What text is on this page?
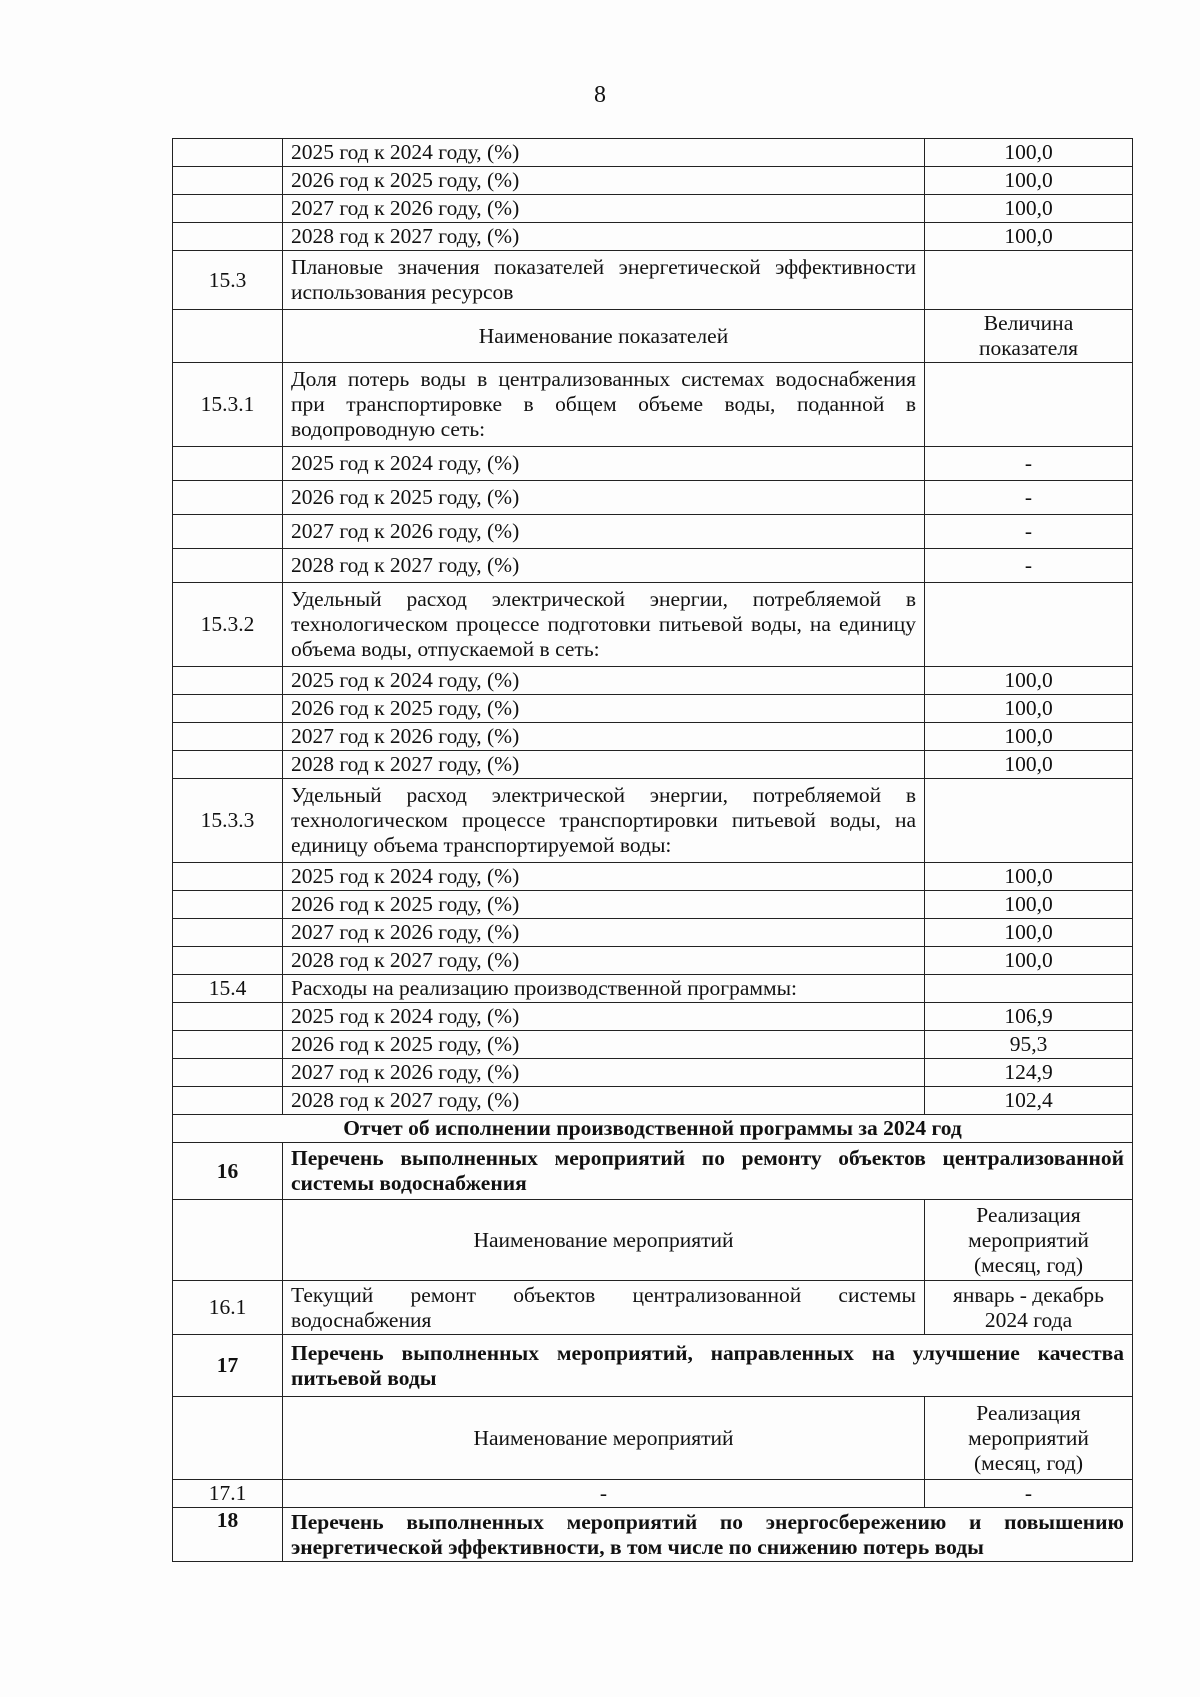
8
	2025 год к 2024 году, (%)	100,0
	2026 год к 2025 году, (%)	100,0
	2027 год к 2026 году, (%)	100,0
	2028 год к 2027 году, (%)	100,0
15.3	Плановые значения показателей энергетической эффективности использования ресурсов	
	Наименование показателей	Величина показателя
15.3.1	Доля потерь воды в централизованных системах водоснабжения при транспортировке в общем объеме воды, поданной в водопроводную сеть:	
	2025 год к 2024 году, (%)	-
	2026 год к 2025 году, (%)	-
	2027 год к 2026 году, (%)	-
	2028 год к 2027 году, (%)	-
15.3.2	Удельный расход электрической энергии, потребляемой в технологическом процессе подготовки питьевой воды, на единицу объема воды, отпускаемой в сеть:	
	2025 год к 2024 году, (%)	100,0
	2026 год к 2025 году, (%)	100,0
	2027 год к 2026 году, (%)	100,0
	2028 год к 2027 году, (%)	100,0
15.3.3	Удельный расход электрической энергии, потребляемой в технологическом процессе транспортировки питьевой воды, на единицу объема транспортируемой воды:	
	2025 год к 2024 году, (%)	100,0
	2026 год к 2025 году, (%)	100,0
	2027 год к 2026 году, (%)	100,0
	2028 год к 2027 году, (%)	100,0
15.4	Расходы на реализацию производственной программы:	
	2025 год к 2024 году, (%)	106,9
	2026 год к 2025 году, (%)	95,3
	2027 год к 2026 году, (%)	124,9
	2028 год к 2027 году, (%)	102,4
Отчет об исполнении производственной программы за 2024 год		
16	Перечень выполненных мероприятий по ремонту объектов централизованной системы водоснабжения	
	Наименование мероприятий	Реализация мероприятий (месяц, год)
16.1	Текущий ремонт объектов централизованной системы водоснабжения	январь - декабрь 2024 года
17	Перечень выполненных мероприятий, направленных на улучшение качества питьевой воды	
	Наименование мероприятий	Реализация мероприятий (месяц, год)
17.1	-	-
18	Перечень выполненных мероприятий по энергосбережению и повышению энергетической эффективности, в том числе по снижению потерь воды	
